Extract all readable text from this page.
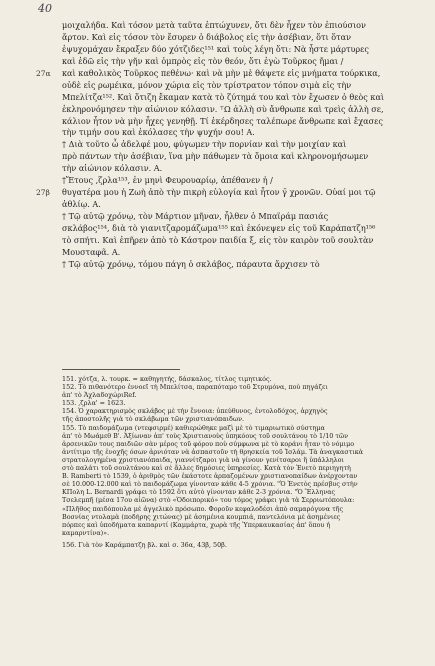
40
μοιχαλήδα. Καὶ τόσον μετὰ ταῦτα ἐπτώχυνεν, ὅτι δὲν ἦχεν τὸν ἐπιούσιον
ἄρτον. Καὶ εἰς τόσον τὸν ἔσυρεν ὁ διάβολος εἰς τὴν ἀσέβιαν, ὅτι ὅταν
ἐψυχομάχαν ἔκραξεν δύο χότζιδες¹⁵¹ καὶ τοὺς λέγη ὅτι: Νὰ ἦστε μάρτυρες
καὶ ἐδῶ εἰς τὴν γῆν καὶ ὀμπρὸς εἰς τὸν θεόν, ὅτι ἐγὼ Τοῦρκος ἤμαι /
27α καὶ καθολικὸς Τοῦρκος πεθένω· καὶ νὰ μὴν μὲ θάψετε εἰς μνήματα τούρκικα,
οὐδὲ εἰς ρωμέικα, μόνον χώρια εἰς τὸν τρίστρατον τόπον σιμὰ εἰς τὴν
Μπελίτζα¹⁵². Καὶ ὅτιζη ἔκαμαν κατὰ τὸ ζύτημά του καὶ τὸν ἔχωσεν ὁ θεὸς καὶ
ἐκληρονόμησεν τὴν αἰώνιον κόλασιν. ⸆Ω ἀλλὴ σὺ ἄνθρωπε καὶ τρεὶς ἀλλὴ σε,
κάλιον ἦτον νὰ μὴν ἦχες γενηθῇ. Τί ἐκέρδησες ταλέπωρε ἄνθρωπε καὶ ἔχασες
τὴν τιμήν σου καὶ ἐκόλασες τὴν ψυχήν σου! Α.
† Διὰ τοῦτο ὦ ἀδελφέ μου, φύγωμεν τὴν πορνίαν καὶ τὴν μοιχίαν καὶ
πρὸ πάντων τὴν ἀσέβιαν, ἵνα μὴν πάθωμεν τὰ ὅμοια καὶ κληρονομήσωμεν
τὴν αἰώνιον κόλασιν. Α.
†Ἔτους ,ζρλα¹⁵³, ἐν μηνὶ Φευρουαρίῳ, ἀπέθανεν ἡ /
27β θυγατέρα μου ἡ Ζωὴ ἀπὸ τὴν πικρὴ εὐλογία καὶ ἦτον γ̄ χρονῶν. Οὐαί μοι τῷ
ἀθλίῳ. Α.
† Τῷ αὐτῷ χρόνῳ, τὸν Μάρτιον μῆναν, ἦλθεν ὁ Μπαϊράμ πασιάς
σκλάβος¹⁵⁴, διὰ τὸ γιανιτζαρομάζωμα¹⁵⁵ καὶ ἐκόνεψεν εἰς τοῦ Καράπατζη¹⁵⁶
τὸ σπήτι. Καὶ ἐπῆρεν ἀπὸ τὸ Κάστρον παιδία ξ̄, εἰς τὸν καιρὸν τοῦ σουλτὰν
Μουσταφᾶ. Α.
† Τῷ αὐτῷ χρόνῳ, τόμου πάγη ὁ σκλάβος, πάραυτα ἄρχισεν τὸ
151. χότζα, λ. τουρκ. = καθηγητής, δάσκαλος, τίτλος τιμητικός.
152. Τὸ πιθανότερο ἐννοεῖ τὴ Μπελίτσα, παραπόταμο τοῦ Στρυμόνα, ποὺ πηγάζει
ἀπ' τὸ ἈχλαδοχώριRef.
153. ,ζρλα' = 1623.
154. Ὁ χαρακτηρισμὸς σκλάβος μὲ τὴν ἔννοια: ὑπεύθυνος, ἐντολοδόχος, ἀρχηγὸς
τῆς ἀποστολῆς γιὰ τὸ σκλάβωμα τῶν χριστιανόπαιδων.
155. Τὸ παιδομάζωμα (ντεφσιρμέ) καθιερώθηκε μαζὶ μὲ τὸ τιμαριωτικὸ σύστημα
ἀπ' τὸ Μωάμεθ Β'. Ἀξίωναν ἀπ' τοὺς Χριστιανοὺς ὑπηκόους τοῦ σουλτάνου τὸ 1/10 τῶν
ἀρσενικῶν τους παιδιῶν σὰν μέρος τοῦ φόρου ποὺ σύμφωνα μὲ τὸ κοράνι ἦταν τὸ νόμιμο
ἀντίτιμο τῆς ἐνοχῆς όσων ἀρνιόταν νὰ ἀσπαστοῦν τὴ θρησκεία τοῦ Ἰσλάμ. Τὰ ἀναγκαστικὰ
στρατολογημένα χριστιανόπαιδα, γιαννίτζαροι γιὰ νὰ γίνουν γενίτσαροι ἢ ὑπάλληλοι
στὸ παλάτι τοῦ σουλτάνου καὶ σὲ ἄλλες δημόσιες ὑπηρεσίες. Κατὰ τὸν Ἑνετὸ περιηγητὴ
B. Ramberti τὸ 1539, ὁ ἀριθμὸς τῶν ἑκάστοτε ἁρπαζομένων χριστιανοπαίδων ἀνέρχονταν
σὲ 10.000-12.000 καὶ τὸ παιδομάζωμα γίνονταν κάθε 4-5 χρόνια. "Ὁ Ἑνετὸς πρέσβυς στὴν
ΚΠολη L. Bernardi γράφει τὸ 1592 ὅτι αὐτὸ γίνονταν κάθε 2-3 χρόνια. "Ὁ Ἕλληνας
Τσελεμπῆ (μέσα 17ου αἰῶνα) στὸ «Ὁδοιπορικό» του τόμος γράφει γιὰ τὰ Σερριωτόπουλα:
«Πλῆθος παιδόπουλα μὲ ἀγγελικὸ πρόσωπο. Φοροῦν κεφαλοδέσι ἀπὸ σαμαρόγυνα τῆς
Βοσνίας ντολαμὰ (ποδήρης χιτώνας) μὲ ἀσημένια κουμπιά, παντελόνια μὲ ἀσημένιες
πόρπες καὶ ὑποδήματα καπαρντί (Καμμάρτα, χωρὰ τῆς Ὑπερκαυκασίας ἀπ' ὅπου ἡ
καμαρντίνα)».
156. Γιὰ τὸν Καράμπατζη βλ. καὶ σ. 36α, 43β, 50β.
